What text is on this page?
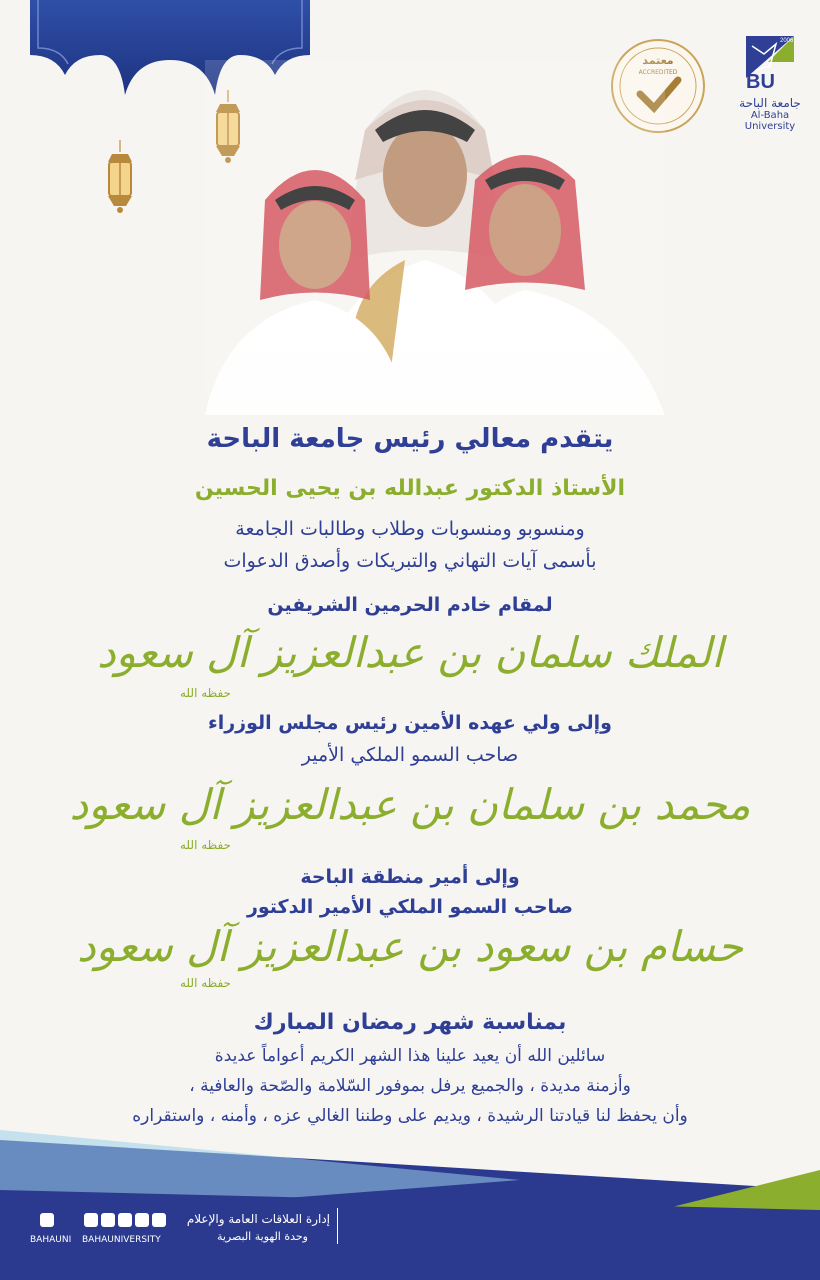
BU
2006
جامعة الباحة
Al-Baha University
معتمد
ACCREDITED
يتقدم معالي رئيس جامعة الباحة
الأستاذ الدكتور عبدالله بن يحيى الحسين
ومنسوبو ومنسوبات وطلاب وطالبات الجامعة
بأسمى آيات التهاني والتبريكات وأصدق الدعوات
لمقام خادم الحرمين الشريفين
الملك سلمان بن عبدالعزيز آل سعود
حفظه الله
وإلى ولي عهده الأمين رئيس مجلس الوزراء
صاحب السمو الملكي الأمير
محمد بن سلمان بن عبدالعزيز آل سعود
حفظه الله
وإلى أمير منطقة الباحة
صاحب السمو الملكي الأمير الدكتور
حسام بن سعود بن عبدالعزيز آل سعود
حفظه الله
بمناسبة شهر رمضان المبارك
سائلين الله أن يعيد علينا هذا الشهر الكريم أعواماً عديدة
وأزمنة مديدة ، والجميع يرفل بموفور السّلامة والصّحة والعافية ،
وأن يحفظ لنا قيادتنا الرشيدة ، ويديم على وطننا الغالي عزه ، وأمنه ، واستقراره
إدارة العلاقات العامة والإعلام
وحدة الهوية البصرية
BAHAUNI BAHAUNIVERSITY
